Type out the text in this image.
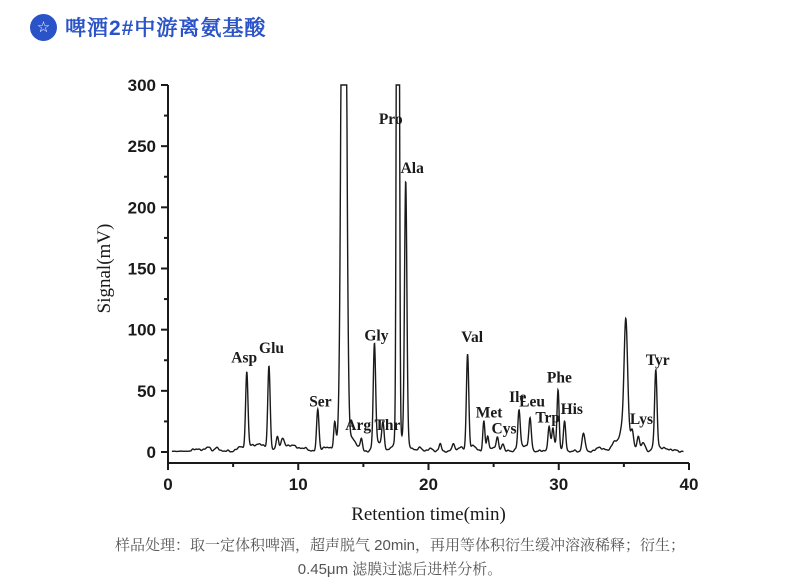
☆ 啤酒2#中游离氨基酸
0
50
100
150
200
250
300
0	10	20	30	40
Signal(mV)
Retention time(min)
Asp
Glu
Ser
Arg
Gly
Thr
Pro
Ala
Val
Met
Cys
Ile
Leu
Trp
Phe
His
Lys
Tyr
样品处理：取一定体积啤酒，超声脱气 20min，再用等体积衍生缓冲溶液稀释；衍生；0.45μm 滤膜过滤后进样分析。
